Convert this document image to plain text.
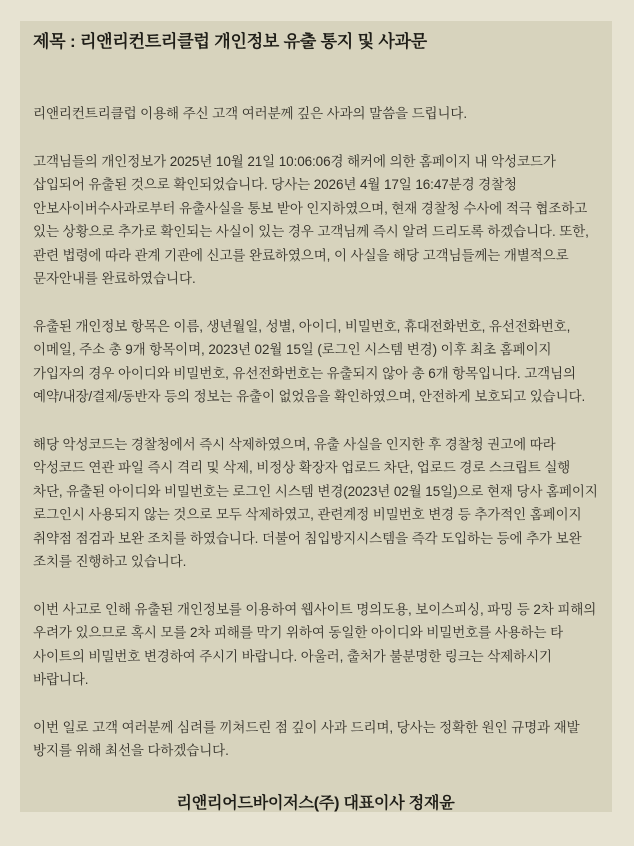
제목 : 리앤리컨트리클럽 개인정보 유출 통지 및 사과문

리앤리컨트리클럽 이용해 주신 고객 여러분께 깊은 사과의 말씀을 드립니다.

고객님들의 개인정보가 2025년 10월 21일 10:06:06경 해커에 의한 홈페이지 내 악성코드가 삽입되어 유출된 것으로 확인되었습니다. 당사는 2026년 4월 17일 16:47분경 경찰청 안보사이버수사과로부터 유출사실을 통보 받아 인지하였으며, 현재 경찰청 수사에 적극 협조하고 있는 상황으로 추가로 확인되는 사실이 있는 경우 고객님께 즉시 알려 드리도록 하겠습니다. 또한, 관련 법령에 따라 관계 기관에 신고를 완료하였으며, 이 사실을 해당 고객님들께는 개별적으로 문자안내를 완료하였습니다.

유출된 개인정보 항목은 이름, 생년월일, 성별, 아이디, 비밀번호, 휴대전화번호, 유선전화번호, 이메일, 주소 총 9개 항목이며, 2023년 02월 15일 (로그인 시스템 변경) 이후 최초 홈페이지 가입자의 경우 아이디와 비밀번호, 유선전화번호는 유출되지 않아 총 6개 항목입니다. 고객님의 예약/내장/결제/동반자 등의 정보는 유출이 없었음을 확인하였으며, 안전하게 보호되고 있습니다.

해당 악성코드는 경찰청에서 즉시 삭제하였으며, 유출 사실을 인지한 후 경찰청 권고에 따라 악성코드 연관 파일 즉시 격리 및 삭제, 비정상 확장자 업로드 차단, 업로드 경로 스크립트 실행 차단, 유출된 아이디와 비밀번호는 로그인 시스템 변경(2023년 02월 15일)으로 현재 당사 홈페이지 로그인시 사용되지 않는 것으로 모두 삭제하였고, 관련계정 비밀번호 변경 등 추가적인 홈페이지 취약점 점검과 보완 조치를 하였습니다. 더불어 침입방지시스템을 즉각 도입하는 등에 추가 보완 조치를 진행하고 있습니다.

이번 사고로 인해 유출된 개인정보를 이용하여 웹사이트 명의도용, 보이스피싱, 파밍 등 2차 피해의 우려가 있으므로 혹시 모를 2차 피해를 막기 위하여 동일한 아이디와 비밀번호를 사용하는 타 사이트의 비밀번호 변경하여 주시기 바랍니다. 아울러, 출처가 불분명한 링크는 삭제하시기 바랍니다.

이번 일로 고객 여러분께 심려를 끼쳐드린 점 깊이 사과 드리며, 당사는 정확한 원인 규명과 재발 방지를 위해 최선을 다하겠습니다.

리앤리어드바이저스(주) 대표이사 정재윤
